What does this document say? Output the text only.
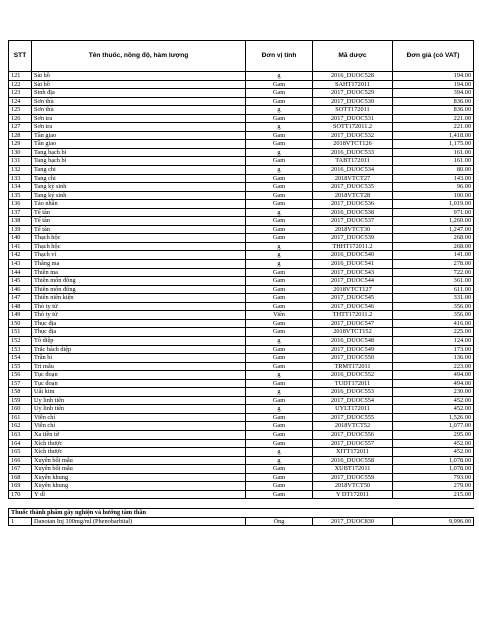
STT	Tên thuốc, nồng độ, hàm lượng	Đơn vị tính	Mã dược	Đơn giá (có VAT)
121	Sài hồ	g	2016_DUOC528	194.00
122	Sài hồ	Gam	SAHT172011	194.00
123	Sinh địa	Gam	2017_DUOC529	394.00
124	Sơn thù	Gam	2017_DUOC530	836.00
125	Sơn thù	g	SOTT172011	836.00
126	Sơn tra	Gam	2017_DUOC531	221.00
127	Sơn tra	g	SOTT172011.2	221.00
128	Tần giao	Gam	2017_DUOC532	1,418.00
129	Tần giao	Gam	2018VTCT126	1,175.00
130	Tang bạch bì	g	2016_DUOC533	161.00
131	Tang bạch bì	Gam	TABT172011	161.00
132	Tang chi	g	2016_DUOC534	80.00
133	Tang chi	Gam	2018VTCT27	143.00
134	Tang ký sinh	Gam	2017_DUOC535	96.00
135	Tang ký sinh	Gam	2018VTCT28	100.00
136	Táo nhân	Gam	2017_DUOC536	1,019.00
137	Tế tân	g	2016_DUOC538	971.00
138	Tế tân	Gam	2017_DUOC537	1,260.00
139	Tế tân	Gam	2018VTCT30	1,247.00
140	Thạch hộc	Gam	2017_DUOC539	268.00
141	Thạch hộc	g	THHT172011.2	268.00
142	Thạch vĩ	g	2016_DUOC540	141.00
143	Thăng ma	g	2016_DUOC541	278.00
144	Thiên ma	Gam	2017_DUOC543	722.00
145	Thiên môn đông	Gam	2017_DUOC544	361.00
146	Thiên môn đông	Gam	2018VTCT127	611.00
147	Thiên niên kiện	Gam	2017_DUOC545	331.00
148	Thỏ ty tử	Gam	2017_DUOC546	356.00
149	Thỏ ty tử	Viên	THTT172011.2	356.00
150	Thục địa	Gam	2017_DUOC547	416.00
151	Thục địa	Gam	2018VTCT152	225.00
152	Tô diệp	g	2016_DUOC548	124.00
153	Trắc bách diệp	Gam	2017_DUOC549	173.00
154	Trần bì	Gam	2017_DUOC550	136.00
155	Tri mẫu	Gam	TRMT172011	223.00
156	Tục đoạn	g	2016_DUOC552	494.00
157	Tục đoạn	Gam	TUDT172011	494.00
158	Uất kim	g	2016_DUOC553	230.00
159	Uy linh tiên	Gam	2017_DUOC554	452.00
160	Uy linh tiên	g	UYLT172011	452.00
161	Viễn chí	Gam	2017_DUOC555	1,526.00
162	Viễn chí	Gam	2018VTCT52	1,077.00
163	Xa tiền tử	Gam	2017_DUOC556	295.00
164	Xích thược	Gam	2017_DUOC557	452.00
165	Xích thược	g	XITT172011	452.00
166	Xuyên bối mẫu	g	2016_DUOC558	1,078.00
167	Xuyên bối mẫu	Gam	XUBT172011	1,078.00
168	Xuyên khung	Gam	2017_DUOC559	793.00
169	Xuyên khung	Gam	2018VTCT50	279.00
170	Ý dĩ	Gam	Y DT172011	215.00

Thuốc thành phẩm gây nghiện và hướng tâm thần				
1	Danotan Inj 100mg/ml (Phenobarbital)	Ống	2017_DUOC830	9,996.00
